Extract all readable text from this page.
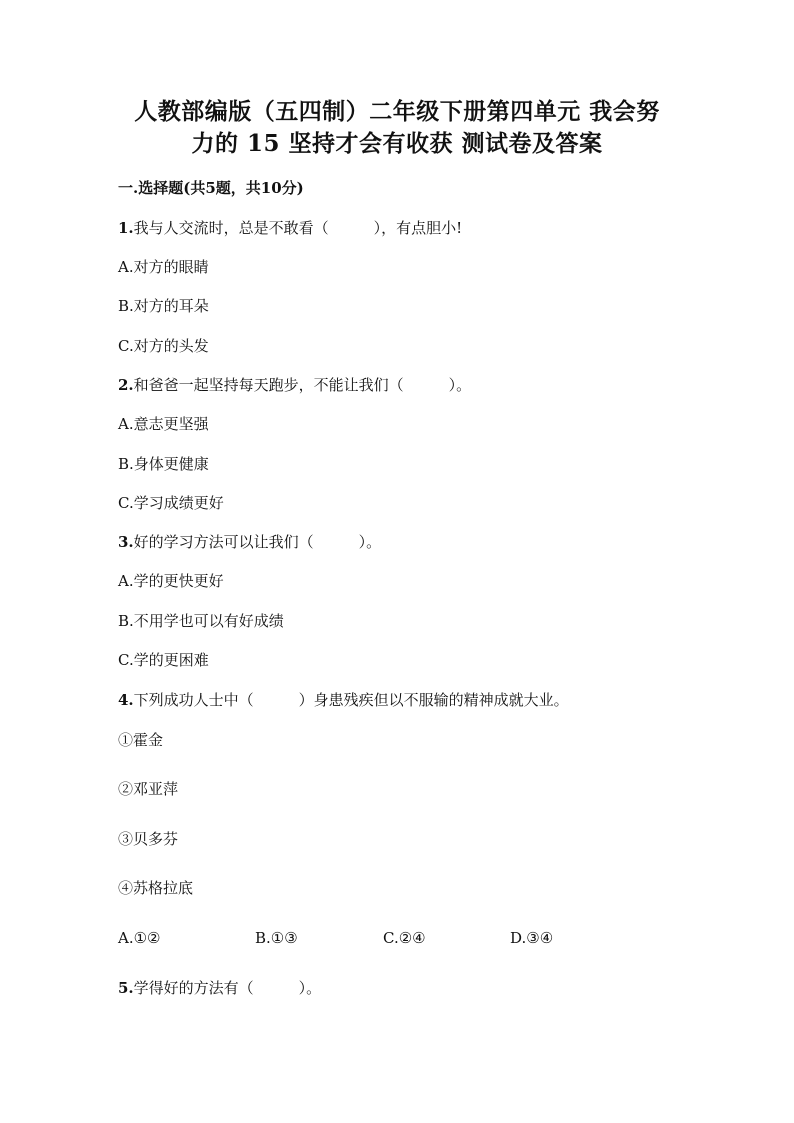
人教部编版（五四制）二年级下册第四单元 我会努
力的 15 坚持才会有收获 测试卷及答案
一.选择题(共5题，共10分)
1.我与人交流时，总是不敢看（　　　），有点胆小!
A.对方的眼睛
B.对方的耳朵
C.对方的头发
2.和爸爸一起坚持每天跑步，不能让我们（　　　）。
A.意志更坚强
B.身体更健康
C.学习成绩更好
3.好的学习方法可以让我们（　　　）。
A.学的更快更好
B.不用学也可以有好成绩
C.学的更困难
4.下列成功人士中（　　　）身患残疾但以不服输的精神成就大业。
①霍金
②邓亚萍
③贝多芬
④苏格拉底
A.①②	B.①③	C.②④	D.③④
5.学得好的方法有（　　　）。
